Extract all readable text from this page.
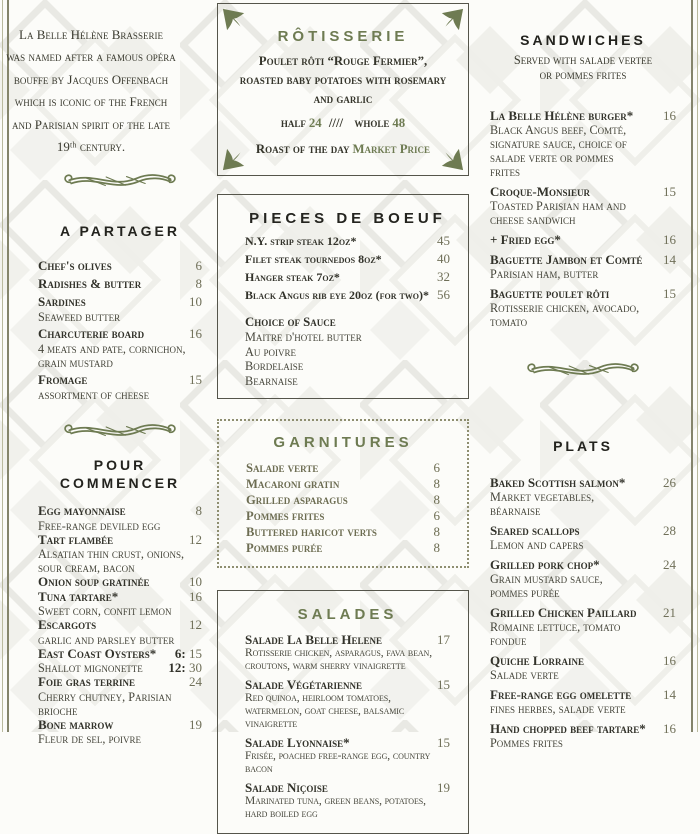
La Belle Hélène Brasserie
was named after a famous opéra
bouffe by Jacques Offenbach
which is iconic of the French
and Parisian spirit of the late
19ᵗʰ century.
A PARTAGER
Chef's olives	6
Radishes & butter	8
Sardines	10
Seaweed butter
Charcuterie board	16
4 meats and pate, cornichon, grain mustard
Fromage	15
assortment of cheese
POUR COMMENCER
Egg mayonnaise	8
Free-range deviled egg
Tart flambée	12
Alsatian thin crust, onions, sour cream, bacon
Onion soup gratinée	10
Tuna tartare*	16
Sweet corn, confit lemon
Escargots	12
garlic and parsley butter
East Coast Oysters* 6: 15
Shallot mignonette 12: 30
Foie gras terrine	24
Cherry chutney, Parisian brioche
Bone marrow	19
Fleur de sel, poivre
RÔTISSERIE
Poulet rôti “Rouge Fermier”,
roasted baby potatoes with rosemary and garlic
half 24 //// whole 48
Roast of the day Market Price
PIECES DE BOEUF
N.Y. strip steak 12oz*	45
Filet steak tournedos 8oz*	40
Hanger steak 7oz*	32
Black Angus rib eye 20oz (for two)* 56
Choice of Sauce
Maitre d'hotel butter
Au poivre
Bordelaise
Bearnaise
GARNITURES
Salade verte	6
Macaroni gratin	8
Grilled asparagus	8
Pommes frites	6
Buttered haricot verts	8
Pommes purée	8
SALADES
Salade La Belle Helene	17
Rotisserie chicken, asparagus, fava bean, croutons, warm sherry vinaigrette
Salade Végétarienne	15
Red quinoa, heirloom tomatoes, watermelon, goat cheese, balsamic vinaigrette
Salade Lyonnaise*	15
Frisée, poached free-range egg, country bacon
Salade Niçoise	19
Marinated tuna, green beans, potatoes, hard boiled egg
SANDWICHES
Served with salade vertee
or pommes frites
La Belle Hélène burger* 16
Black Angus beef, Comté, signature sauce, choice of salade verte or pommes frites
Croque-Monsieur	15
Toasted Parisian ham and cheese sandwich
+ Fried egg*	16
Baguette Jambon et Comté 14
Parisian ham, butter
Baguette poulet rôti	15
Rotisserie chicken, avocado, tomato
PLATS
Baked Scottish salmon*	26
Market vegetables, béarnaise
Seared scallops	28
Lemon and capers
Grilled pork chop*	24
Grain mustard sauce, pommes purée
Grilled Chicken Paillard 21
Romaine lettuce, tomato fondue
Quiche Lorraine	16
Salade verte
Free-range egg omelette 14
fines herbes, salade verte
Hand chopped beef tartare* 16
Pommes frites
